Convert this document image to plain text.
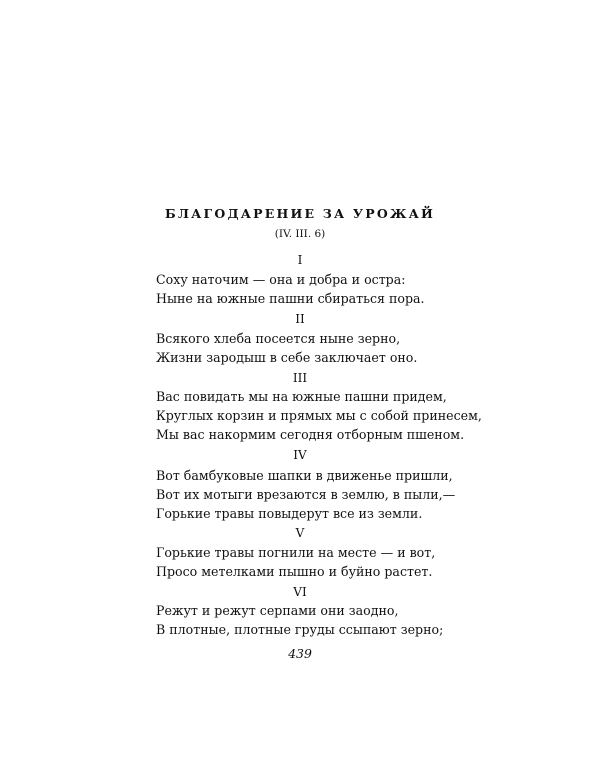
БЛАГОДАРЕНИЕ ЗА УРОЖАЙ
(IV. III. 6)
I
Соху наточим — она и добра и остра:
Ныне на южные пашни сбираться пора.
II
Всякого хлеба посеется ныне зерно,
Жизни зародыш в себе заключает оно.
III
Вас повидать мы на южные пашни придем,
Круглых корзин и прямых мы с собой принесем,
Мы вас накормим сегодня отборным пшеном.
IV
Вот бамбуковые шапки в движенье пришли,
Вот их мотыги врезаются в землю, в пыли,—
Горькие травы повыдерут все из земли.
V
Горькие травы погнили на месте — и вот,
Просо метелками пышно и буйно растет.
VI
Режут и режут серпами они заодно,
В плотные, плотные груды ссыпают зерно;
439
